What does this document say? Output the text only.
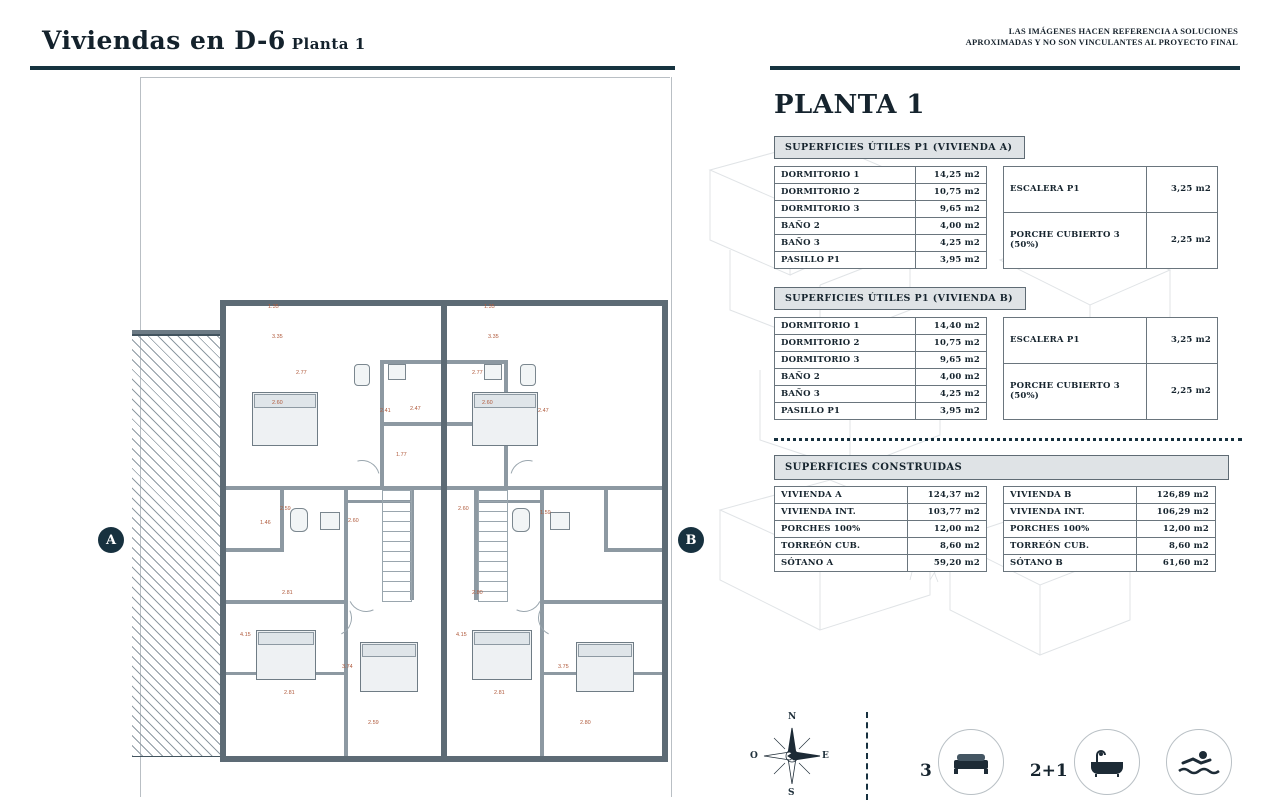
Viviendas en D-6 Planta 1
LAS IMÁGENES HACEN REFERENCIA A SOLUCIONES
APROXIMADAS Y NO SON VINCULANTES AL PROYECTO FINAL
1.35
3.35
2.77
2.60
2.41	2.47
1.77
2.59
1.46	2.60
2.81
4.15
3.74
2.59
2.81
1.35
3.35
2.77
2.60
2.47
2.60
1.59
2.80
4.15
3.75
2.81
2.80
A	B
PLANTA 1
SUPERFICIES ÚTILES P1 (VIVIENDA A)
DORMITORIO 1	14,25 m2
DORMITORIO 2	10,75 m2
DORMITORIO 3	9,65 m2
BAÑO 2	4,00 m2
BAÑO 3	4,25 m2
PASILLO P1	3,95 m2
ESCALERA P1	3,25 m2
PORCHE CUBIERTO 3 (50%)	2,25 m2
SUPERFICIES ÚTILES P1 (VIVIENDA B)
DORMITORIO 1	14,40 m2
DORMITORIO 2	10,75 m2
DORMITORIO 3	9,65 m2
BAÑO 2	4,00 m2
BAÑO 3	4,25 m2
PASILLO P1	3,95 m2
ESCALERA P1	3,25 m2
PORCHE CUBIERTO 3 (50%)	2,25 m2
SUPERFICIES CONSTRUIDAS
VIVIENDA A	124,37 m2
VIVIENDA INT.	103,77 m2
PORCHES 100%	12,00 m2
TORREÓN CUB.	8,60 m2
SÓTANO A	59,20 m2
VIVIENDA B	126,89 m2
VIVIENDA INT.	106,29 m2
PORCHES 100%	12,00 m2
TORREÓN CUB.	8,60 m2
SÓTANO B	61,60 m2
N
S
E
O
3	2+1
